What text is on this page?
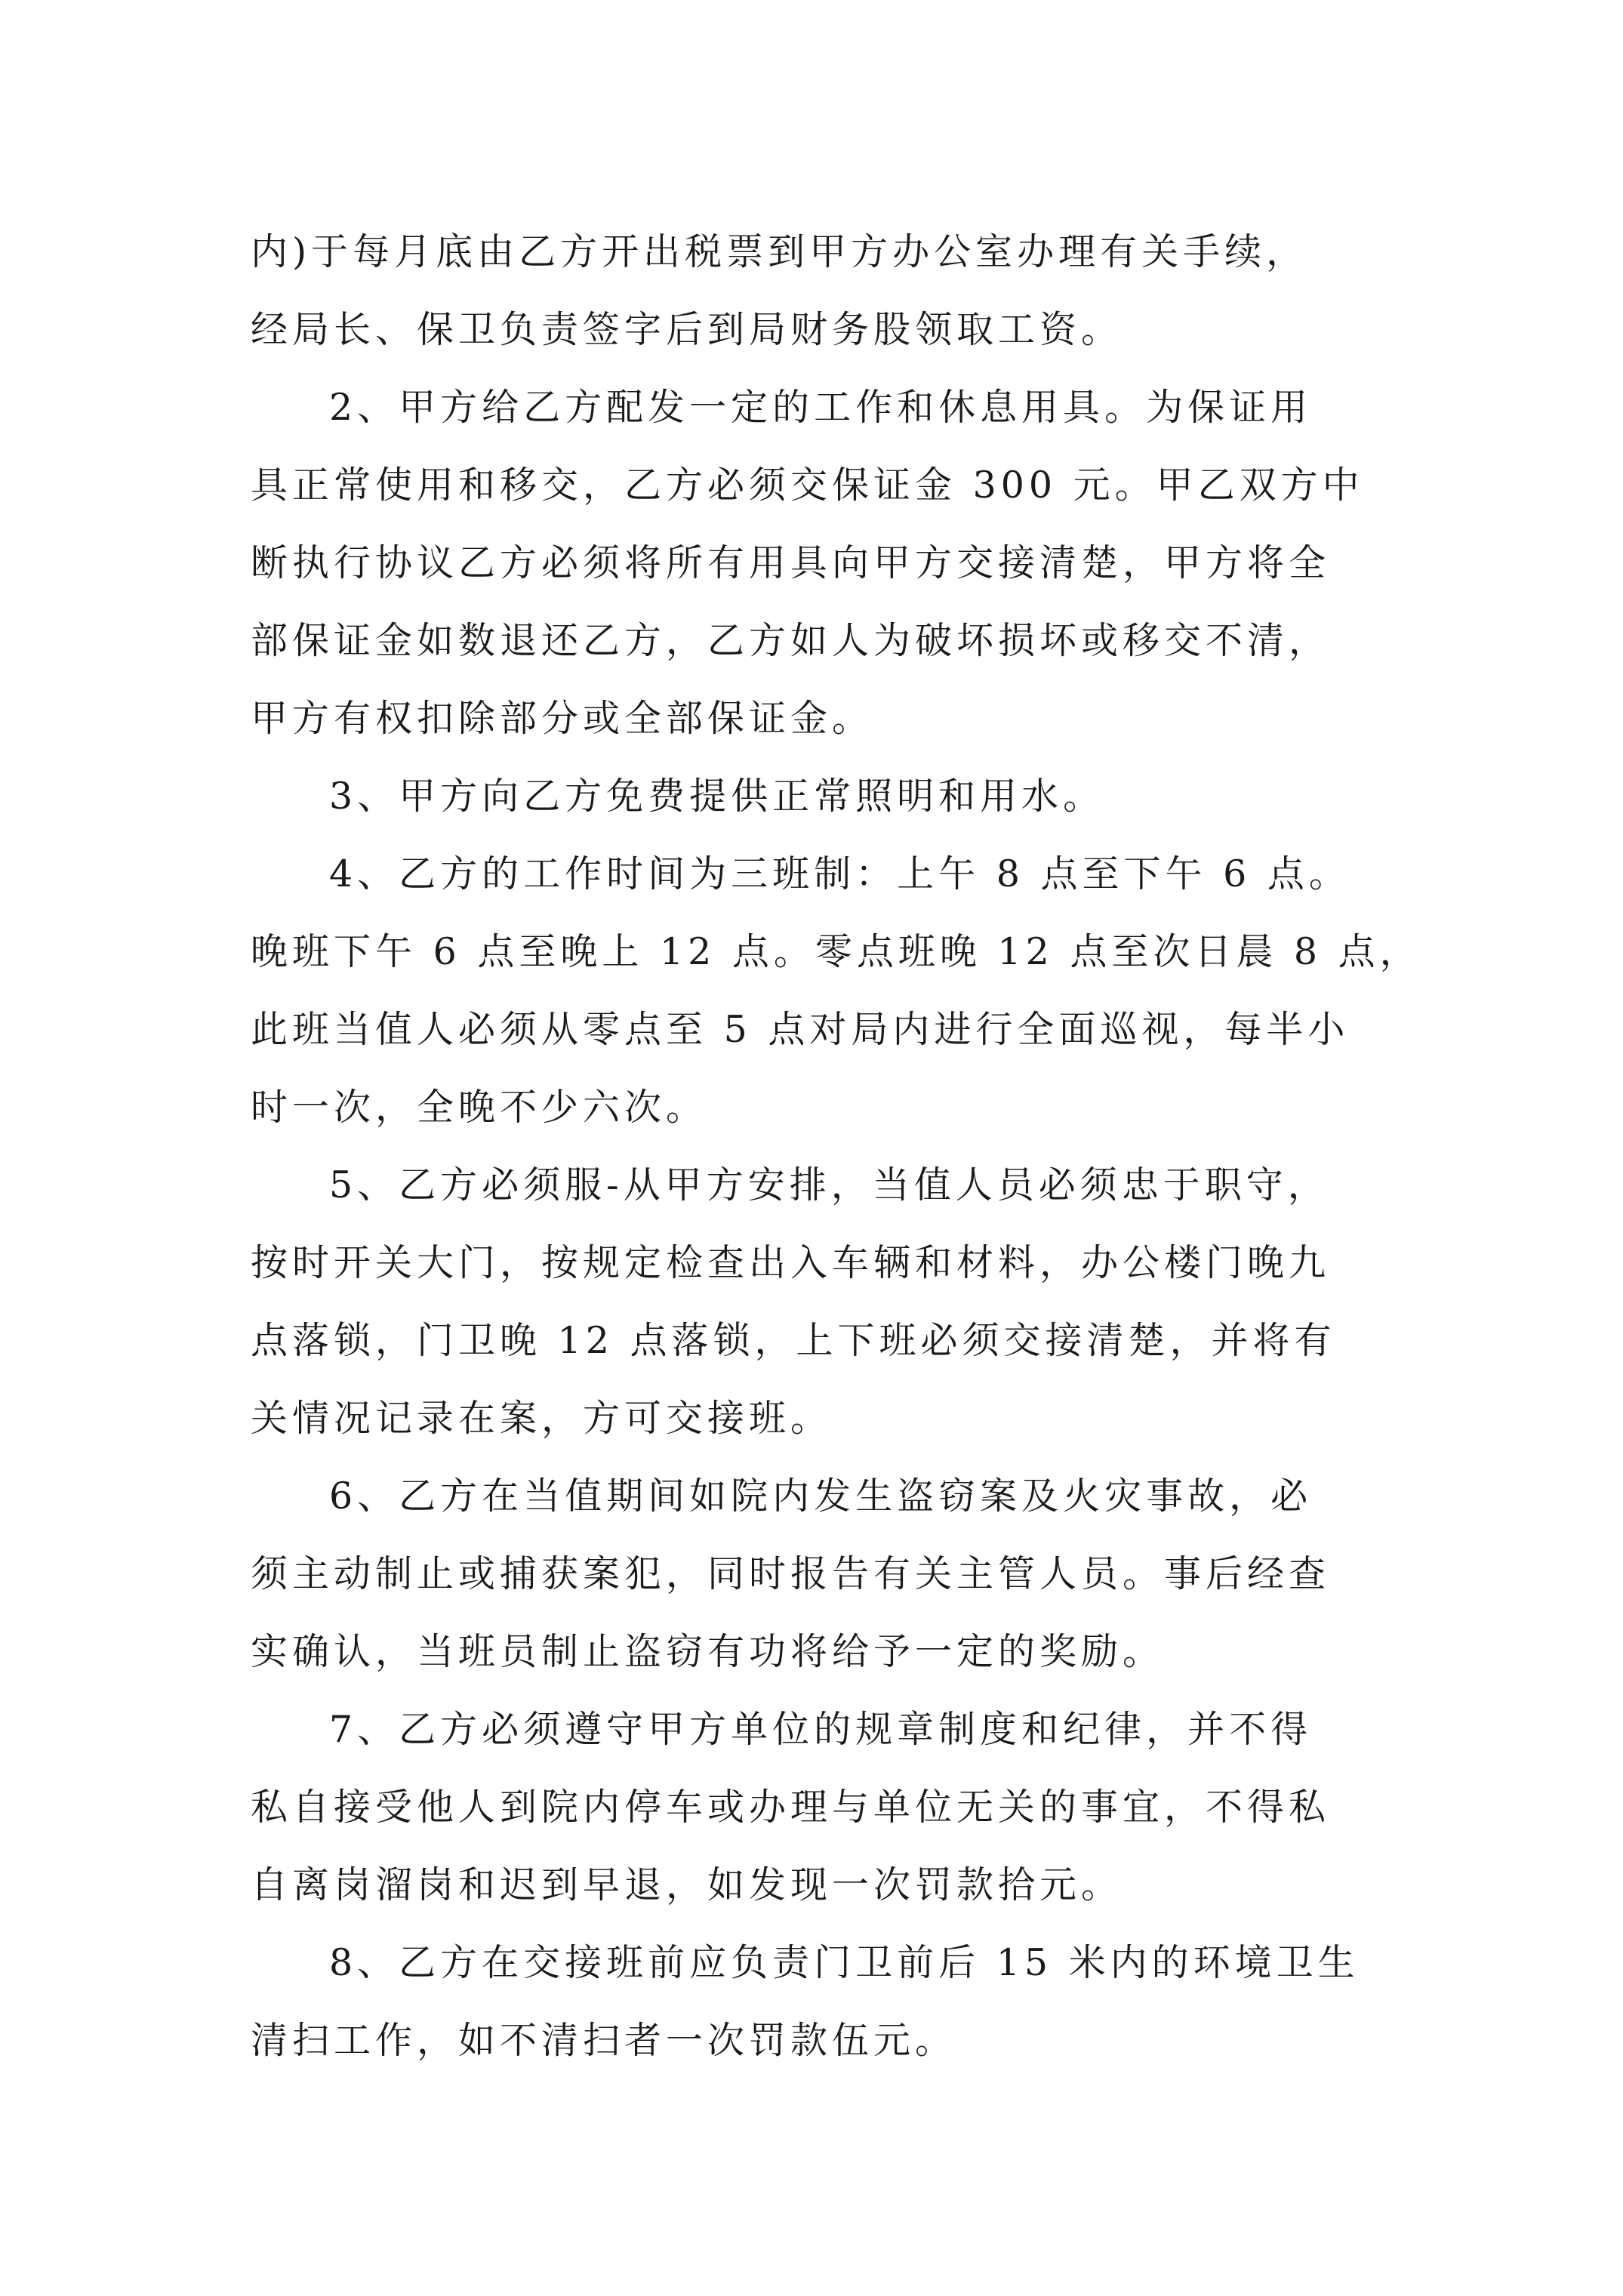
内)于每月底由乙方开出税票到甲方办公室办理有关手续，
经局长、保卫负责签字后到局财务股领取工资。
2、甲方给乙方配发一定的工作和休息用具。为保证用
具正常使用和移交，乙方必须交保证金 300 元。甲乙双方中
断执行协议乙方必须将所有用具向甲方交接清楚，甲方将全
部保证金如数退还乙方，乙方如人为破坏损坏或移交不清，
甲方有权扣除部分或全部保证金。
3、甲方向乙方免费提供正常照明和用水。
4、乙方的工作时间为三班制：上午 8 点至下午 6 点。
晚班下午 6 点至晚上 12 点。零点班晚 12 点至次日晨 8 点，
此班当值人必须从零点至 5 点对局内进行全面巡视，每半小
时一次，全晚不少六次。
5、乙方必须服-从甲方安排，当值人员必须忠于职守，
按时开关大门，按规定检查出入车辆和材料，办公楼门晚九
点落锁，门卫晚 12 点落锁，上下班必须交接清楚，并将有
关情况记录在案，方可交接班。
6、乙方在当值期间如院内发生盗窃案及火灾事故，必
须主动制止或捕获案犯，同时报告有关主管人员。事后经查
实确认，当班员制止盗窃有功将给予一定的奖励。
7、乙方必须遵守甲方单位的规章制度和纪律，并不得
私自接受他人到院内停车或办理与单位无关的事宜，不得私
自离岗溜岗和迟到早退，如发现一次罚款拾元。
8、乙方在交接班前应负责门卫前后 15 米内的环境卫生
清扫工作，如不清扫者一次罚款伍元。
